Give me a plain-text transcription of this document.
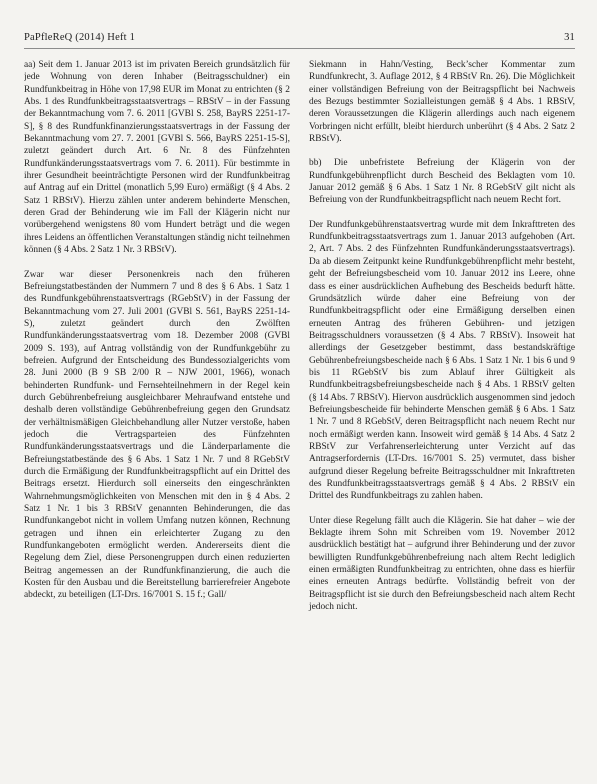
PaPfleReQ (2014) Heft 1	31

aa) Seit dem 1. Januar 2013 ist im privaten Bereich grundsätzlich für jede Wohnung von deren Inhaber (Beitragsschuldner) ein Rundfunkbeitrag in Höhe von 17,98 EUR im Monat zu entrichten (§ 2 Abs. 1 des Rundfunkbeitragsstaatsvertrags – RBStV – in der Fassung der Bekanntmachung vom 7. 6. 2011 [GVBl S. 258, BayRS 2251-17-S], § 8 des Rundfunkfinanzierungsstaatsvertrags in der Fassung der Bekanntmachung vom 27. 7. 2001 [GVBl S. 566, BayRS 2251-15-S], zuletzt geändert durch Art. 6 Nr. 8 des Fünfzehnten Rundfunkänderungsstaatsvertrags vom 7. 6. 2011). Für bestimmte in ihrer Gesundheit beeinträchtigte Personen wird der Rundfunkbeitrag auf Antrag auf ein Drittel (monatlich 5,99 Euro) ermäßigt (§ 4 Abs. 2 Satz 1 RBStV). Hierzu zählen unter anderem behinderte Menschen, deren Grad der Behinderung wie im Fall der Klägerin nicht nur vorübergehend wenigstens 80 vom Hundert beträgt und die wegen ihres Leidens an öffentlichen Veranstaltungen ständig nicht teilnehmen können (§ 4 Abs. 2 Satz 1 Nr. 3 RBStV).

Zwar war dieser Personenkreis nach den früheren Befreiungstatbeständen der Nummern 7 und 8 des § 6 Abs. 1 Satz 1 des Rundfunkgebührenstaatsvertrags (RGebStV) in der Fassung der Bekanntmachung vom 27. Juli 2001 (GVBl S. 561, BayRS 2251-14-S), zuletzt geändert durch den Zwölften Rundfunkänderungsstaatsvertrag vom 18. Dezember 2008 (GVBl 2009 S. 193), auf Antrag vollständig von der Rundfunkgebühr zu befreien. Aufgrund der Entscheidung des Bundessozialgerichts vom 28. Juni 2000 (B 9 SB 2/00 R – NJW 2001, 1966), wonach behinderten Rundfunk- und Fernsehteilnehmern in der Regel kein durch Gebührenbefreiung ausgleichbarer Mehraufwand entstehe und deshalb deren vollständige Gebührenbefreiung gegen den Grundsatz der verhältnismäßigen Gleichbehandlung aller Nutzer verstoße, haben jedoch die Vertragsparteien des Fünfzehnten Rundfunkänderungsstaatsvertrags und die Länderparlamente die Befreiungstatbestände des § 6 Abs. 1 Satz 1 Nr. 7 und 8 RGebStV durch die Ermäßigung der Rundfunkbeitragspflicht auf ein Drittel des Beitrags ersetzt. Hierdurch soll einerseits den eingeschränkten Wahrnehmungsmöglichkeiten von Menschen mit den in § 4 Abs. 2 Satz 1 Nr. 1 bis 3 RBStV genannten Behinderungen, die das Rundfunkangebot nicht in vollem Umfang nutzen können, Rechnung getragen und ihnen ein erleichterter Zugang zu den Rundfunkangeboten ermöglicht werden. Andererseits dient die Regelung dem Ziel, diese Personengruppen durch einen reduzierten Beitrag angemessen an der Rundfunkfinanzierung, die auch die Kosten für den Ausbau und die Bereitstellung barrierefreier Angebote abdeckt, zu beteiligen (LT-Drs. 16/7001 S. 15 f.; Gall/

Siekmann in Hahn/Vesting, Beck’scher Kommentar zum Rundfunkrecht, 3. Auflage 2012, § 4 RBStV Rn. 26). Die Möglichkeit einer vollständigen Befreiung von der Beitragspflicht bei Nachweis des Bezugs bestimmter Sozialleistungen gemäß § 4 Abs. 1 RBStV, deren Voraussetzungen die Klägerin allerdings auch nach eigenem Vorbringen nicht erfüllt, bleibt hierdurch unberührt (§ 4 Abs. 2 Satz 2 RBStV).

bb) Die unbefristete Befreiung der Klägerin von der Rundfunkgebührenpflicht durch Bescheid des Beklagten vom 10. Januar 2012 gemäß § 6 Abs. 1 Satz 1 Nr. 8 RGebStV gilt nicht als Befreiung von der Rundfunkbeitragspflicht nach neuem Recht fort.

Der Rundfunkgebührenstaatsvertrag wurde mit dem Inkrafttreten des Rundfunkbeitragsstaatsvertrags zum 1. Januar 2013 aufgehoben (Art. 2, Art. 7 Abs. 2 des Fünfzehnten Rundfunkänderungsstaatsvertrags). Da ab diesem Zeitpunkt keine Rundfunkgebührenpflicht mehr besteht, geht der Befreiungsbescheid vom 10. Januar 2012 ins Leere, ohne dass es einer ausdrücklichen Aufhebung des Bescheids bedurft hätte. Grundsätzlich würde daher eine Befreiung von der Rundfunkbeitragspflicht oder eine Ermäßigung derselben einen erneuten Antrag des früheren Gebühren- und jetzigen Beitragsschuldners voraussetzen (§ 4 Abs. 7 RBStV). Insoweit hat allerdings der Gesetzgeber bestimmt, dass bestandskräftige Gebührenbefreiungsbescheide nach § 6 Abs. 1 Satz 1 Nr. 1 bis 6 und 9 bis 11 RGebStV bis zum Ablauf ihrer Gültigkeit als Rundfunkbeitragsbefreiungsbescheide nach § 4 Abs. 1 RBStV gelten (§ 14 Abs. 7 RBStV). Hiervon ausdrücklich ausgenommen sind jedoch Befreiungsbescheide für behinderte Menschen gemäß § 6 Abs. 1 Satz 1 Nr. 7 und 8 RGebStV, deren Beitragspflicht nach neuem Recht nur noch ermäßigt werden kann. Insoweit wird gemäß § 14 Abs. 4 Satz 2 RBStV zur Verfahrenserleichterung unter Verzicht auf das Antragserfordernis (LT-Drs. 16/7001 S. 25) vermutet, dass bisher aufgrund dieser Regelung befreite Beitragsschuldner mit Inkrafttreten des Rundfunkbeitragsstaatsvertrags gemäß § 4 Abs. 2 RBStV ein Drittel des Rundfunkbeitrags zu zahlen haben.

Unter diese Regelung fällt auch die Klägerin. Sie hat daher – wie der Beklagte ihrem Sohn mit Schreiben vom 19. November 2012 ausdrücklich bestätigt hat – aufgrund ihrer Behinderung und der zuvor bewilligten Rundfunkgebührenbefreiung nach altem Recht lediglich einen ermäßigten Rundfunkbeitrag zu entrichten, ohne dass es hierfür eines erneuten Antrags bedürfte. Vollständig befreit von der Beitragspflicht ist sie durch den Befreiungsbescheid nach altem Recht jedoch nicht.
